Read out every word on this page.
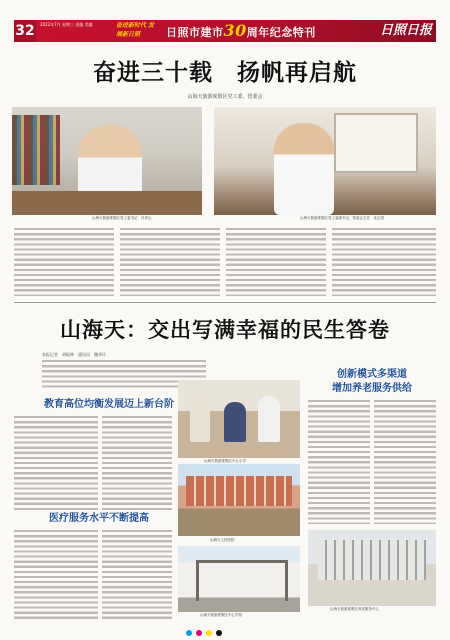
32	2022年7月 星期三 责编 美编	奋进新时代 发展新日照	日照市建市30周年纪念特刊	日照日报
奋进三十载　扬帆再启航
山海天旅游度假区党工委、管委会
山海天旅游度假区党工委书记　吕祥山	山海天旅游度假区党工委副书记、管委会主任　沈正国
山海天：交出写满幸福的民生答卷
本报记者　胡振林　通讯员　魏华玲
教育高位均衡发展迈上新台阶
医疗服务水平不断提高
山海天旅游度假区中心小学
山海天人民医院
山海天旅游度假区中心学校
创新模式多渠道
增加养老服务供给
山海天旅游度假区养老服务中心
